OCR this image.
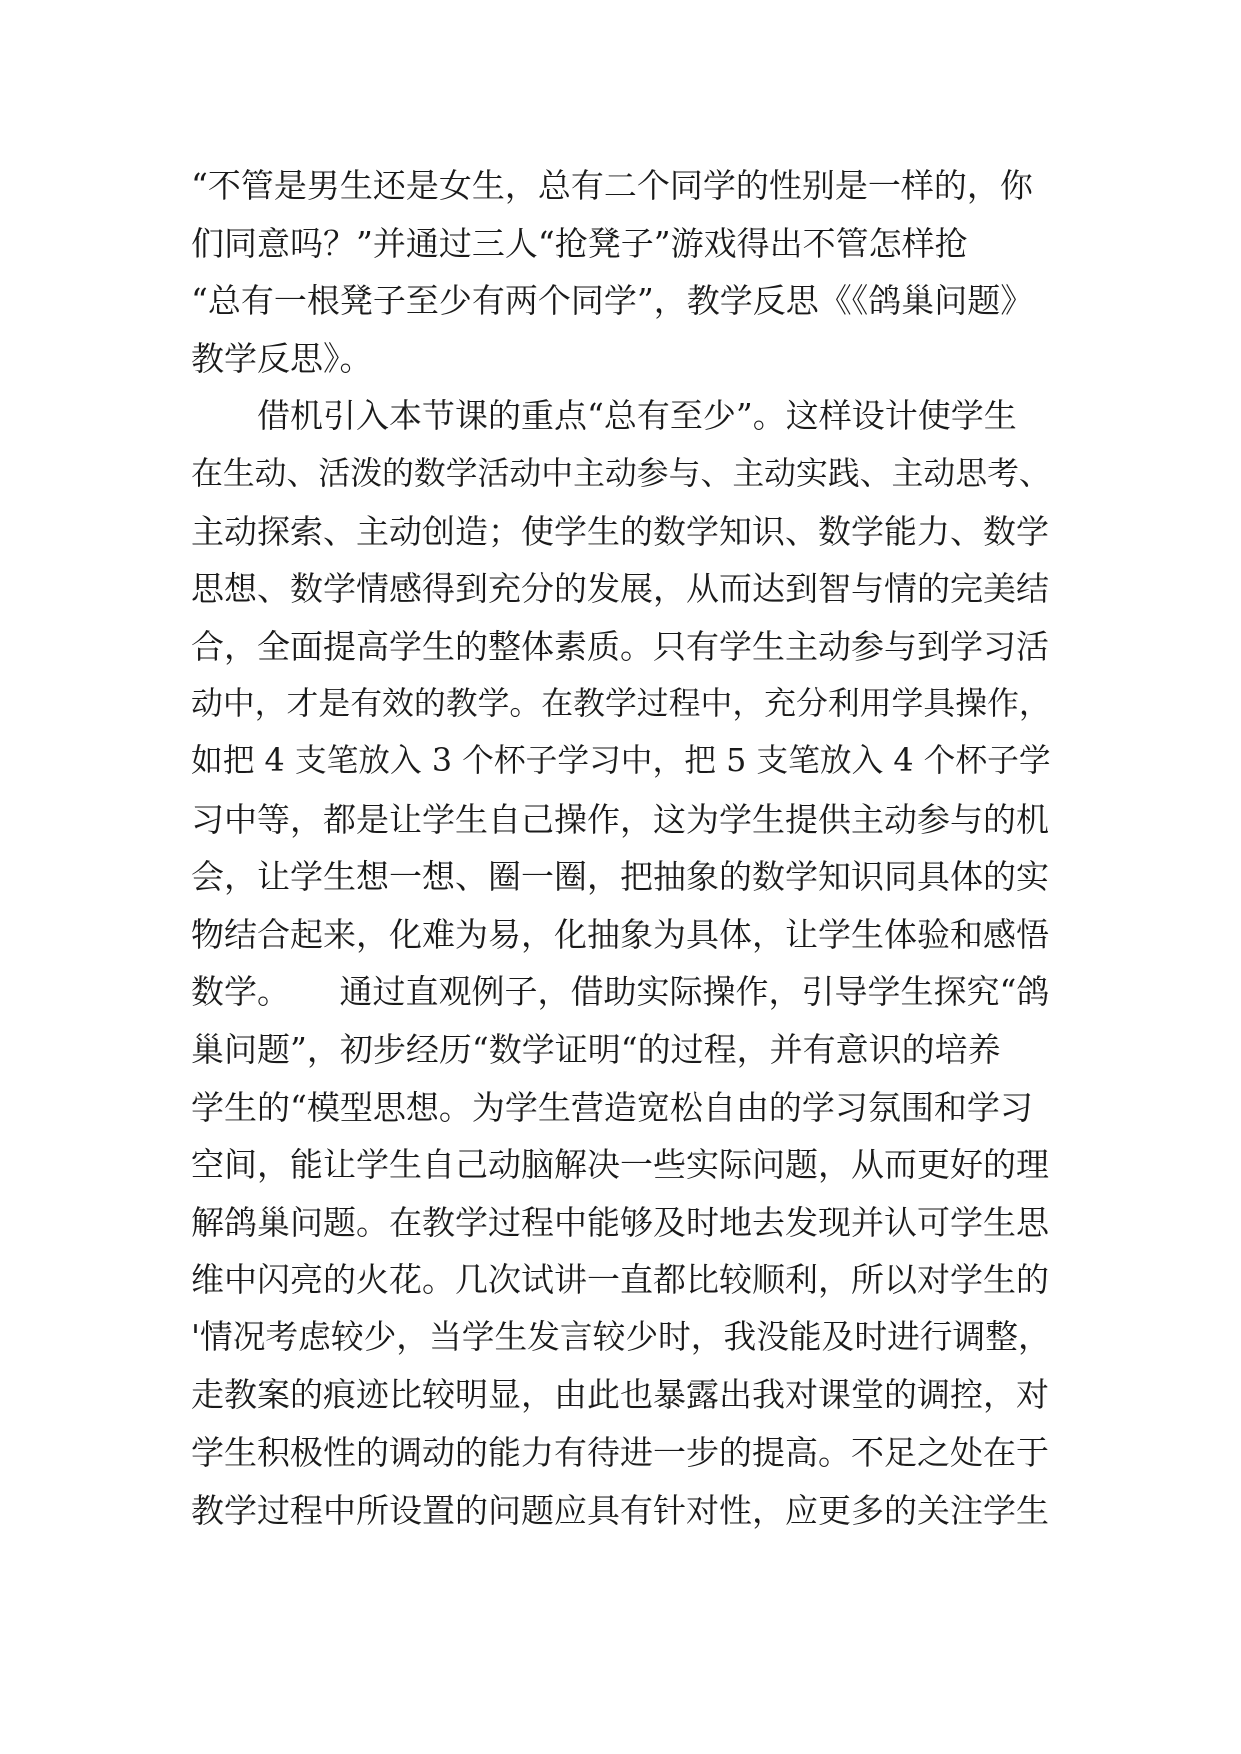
“不管是男生还是女生，总有二个同学的性别是一样的，你
们同意吗？”并通过三人“抢凳子”游戏得出不管怎样抢
“总有一根凳子至少有两个同学”，教学反思《《鸽巢问题》
教学反思》。
借机引入本节课的重点“总有至少”。这样设计使学生
在生动、活泼的数学活动中主动参与、主动实践、主动思考、
主动探索、主动创造；使学生的数学知识、数学能力、数学
思想、数学情感得到充分的发展，从而达到智与情的完美结
合，全面提高学生的整体素质。只有学生主动参与到学习活
动中，才是有效的教学。在教学过程中，充分利用学具操作，
如把 4 支笔放入 3 个杯子学习中，把 5 支笔放入 4 个杯子学
习中等，都是让学生自己操作，这为学生提供主动参与的机
会，让学生想一想、圈一圈，把抽象的数学知识同具体的实
物结合起来，化难为易，化抽象为具体，让学生体验和感悟
数学。　　通过直观例子，借助实际操作，引导学生探究“鸽
巢问题”，初步经历“数学证明“的过程，并有意识的培养
学生的“模型思想。为学生营造宽松自由的学习氛围和学习
空间，能让学生自己动脑解决一些实际问题，从而更好的理
解鸽巢问题。在教学过程中能够及时地去发现并认可学生思
维中闪亮的火花。几次试讲一直都比较顺利，所以对学生的
'情况考虑较少，当学生发言较少时，我没能及时进行调整，
走教案的痕迹比较明显，由此也暴露出我对课堂的调控，对
学生积极性的调动的能力有待进一步的提高。不足之处在于
教学过程中所设置的问题应具有针对性，应更多的关注学生
